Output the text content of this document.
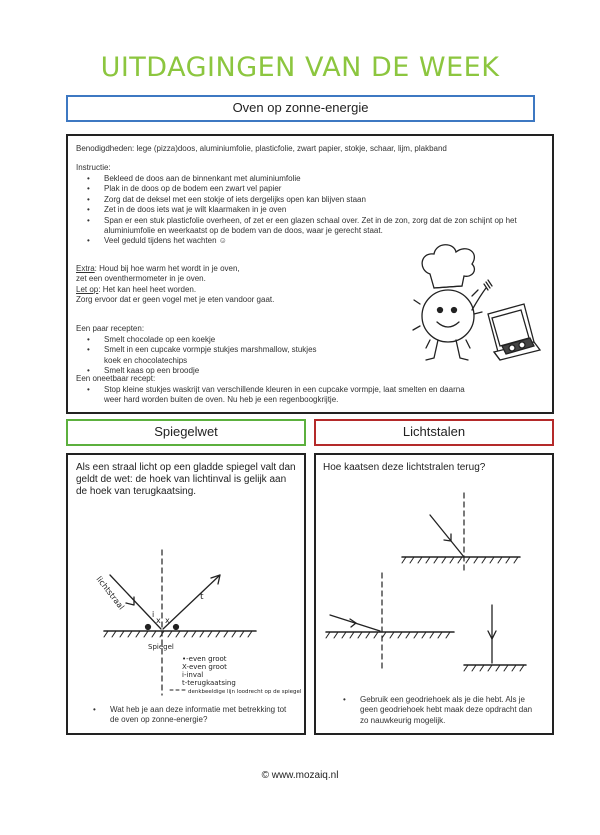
UITDAGINGEN VAN DE WEEK
Oven op zonne-energie
Benodigdheden: lege (pizza)doos, aluminiumfolie, plasticfolie, zwart papier, stokje, schaar, lijm, plakband
Instructie:
• Bekleed de doos aan de binnenkant met aluminiumfolie
• Plak in de doos op de bodem een zwart vel papier
• Zorg dat de deksel met een stokje of iets dergelijks open kan blijven staan
• Zet in de doos iets wat je wilt klaarmaken in je oven
• Span er een stuk plasticfolie overheen, of zet er een glazen schaal over. Zet in de zon, zorg dat de zon schijnt op het aluminiumfolie en weerkaatst op de bodem van de doos, waar je gerecht staat.
• Veel geduld tijdens het wachten ☺
Extra: Houd bij hoe warm het wordt in je oven,
zet een oventhermometer in je oven.
Let op: Het kan heel heet worden.
Zorg ervoor dat er geen vogel met je eten vandoor gaat.
Een paar recepten:
• Smelt chocolade op een koekje
• Smelt in een cupcake vormpje stukjes marshmallow, stukjes koek en chocolatechips
• Smelt kaas op een broodje
Een oneetbaar recept:
• Stop kleine stukjes waskrijt van verschillende kleuren in een cupcake vormpje, laat smelten en daarna weer hard worden buiten de oven. Nu heb je een regenboogkrijtje.
Spiegelwet	Lichtstalen
Als een straal licht op een gladde spiegel valt dan geldt de wet: de hoek van lichtinval is gelijk aan de hoek van terugkaatsing.
lichtstraal
i
x x
t
Spiegel
•-even groot
X-even groot
i-inval
t-terugkaatsing
denkbeeldige lijn loodrecht op de spiegel
• Wat heb je aan deze informatie met betrekking tot de oven op zonne-energie?
Hoe kaatsen deze lichtstralen terug?
• Gebruik een geodriehoek als je die hebt. Als je geen geodriehoek hebt maak deze opdracht dan zo nauwkeurig mogelijk.
© www.mozaiq.nl
